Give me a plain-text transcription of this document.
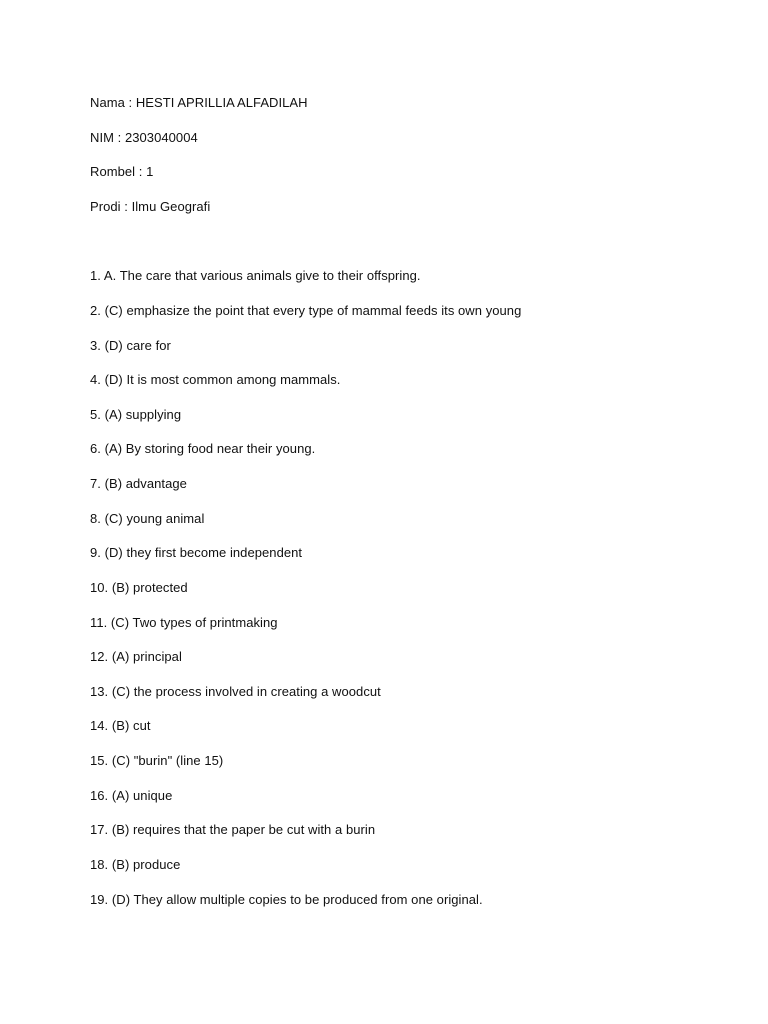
Nama : HESTI APRILLIA ALFADILAH
NIM : 2303040004
Rombel : 1
Prodi : Ilmu Geografi
1. A. The care that various animals give to their offspring.
2. (C) emphasize the point that every type of mammal feeds its own young
3. (D) care for
4. (D) It is most common among mammals.
5. (A) supplying
6. (A) By storing food near their young.
7. (B) advantage
8. (C) young animal
9. (D) they first become independent
10. (B) protected
11. (C) Two types of printmaking
12. (A) principal
13. (C) the process involved in creating a woodcut
14. (B) cut
15. (C) "burin" (line 15)
16. (A) unique
17. (B) requires that the paper be cut with a burin
18. (B) produce
19. (D) They allow multiple copies to be produced from one original.
